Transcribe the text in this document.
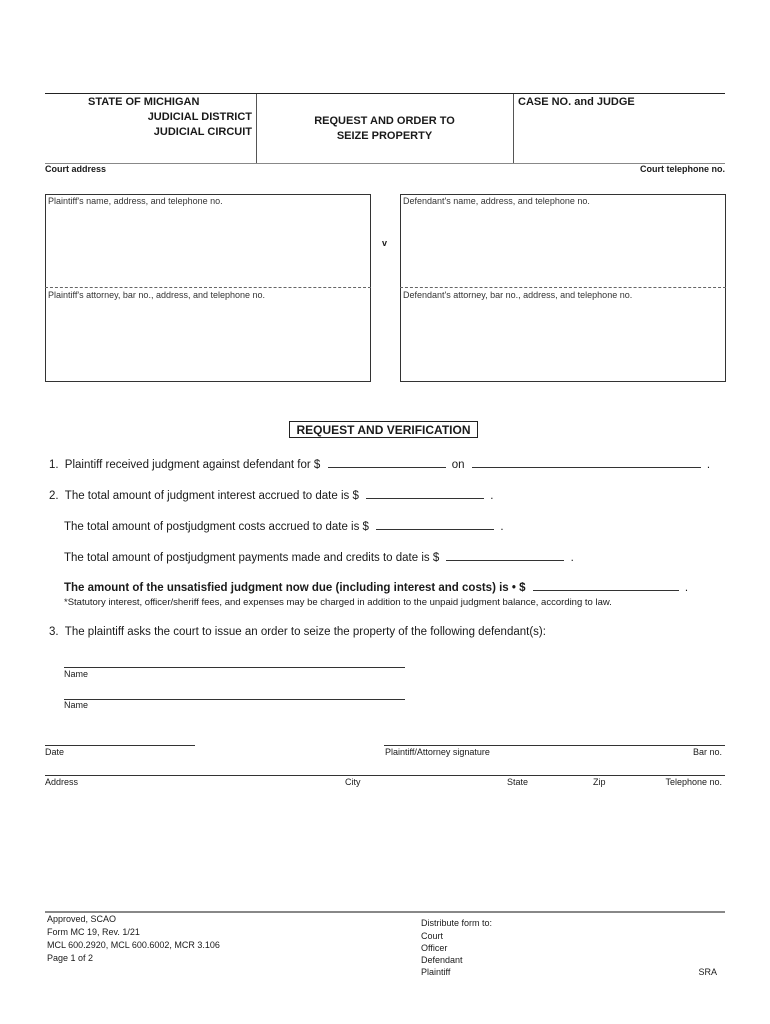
STATE OF MICHIGAN
JUDICIAL DISTRICT
JUDICIAL CIRCUIT
REQUEST AND ORDER TO
SEIZE PROPERTY
CASE NO. and JUDGE
Court address	Court telephone no.
Plaintiff's name, address, and telephone no.
Plaintiff's attorney, bar no., address, and telephone no.
v
Defendant's name, address, and telephone no.
Defendant's attorney, bar no., address, and telephone no.
REQUEST AND VERIFICATION
1. Plaintiff received judgment against defendant for $	on	.
2. The total amount of judgment interest accrued to date is $	.
The total amount of postjudgment costs accrued to date is $	.
The total amount of postjudgment payments made and credits to date is $	.
The amount of the unsatisfied judgment now due (including interest and costs) is • $	.
*Statutory interest, officer/sheriff fees, and expenses may be charged in addition to the unpaid judgment balance, according to law.
3. The plaintiff asks the court to issue an order to seize the property of the following defendant(s):
Name
Name
Date	Plaintiff/Attorney signature	Bar no.
Address	City	State	Zip	Telephone no.
Approved, SCAO
Form MC 19, Rev. 1/21
MCL 600.2920, MCL 600.6002, MCR 3.106
Page 1 of 2
Distribute form to:
Court
Officer
Defendant
Plaintiff	SRA
